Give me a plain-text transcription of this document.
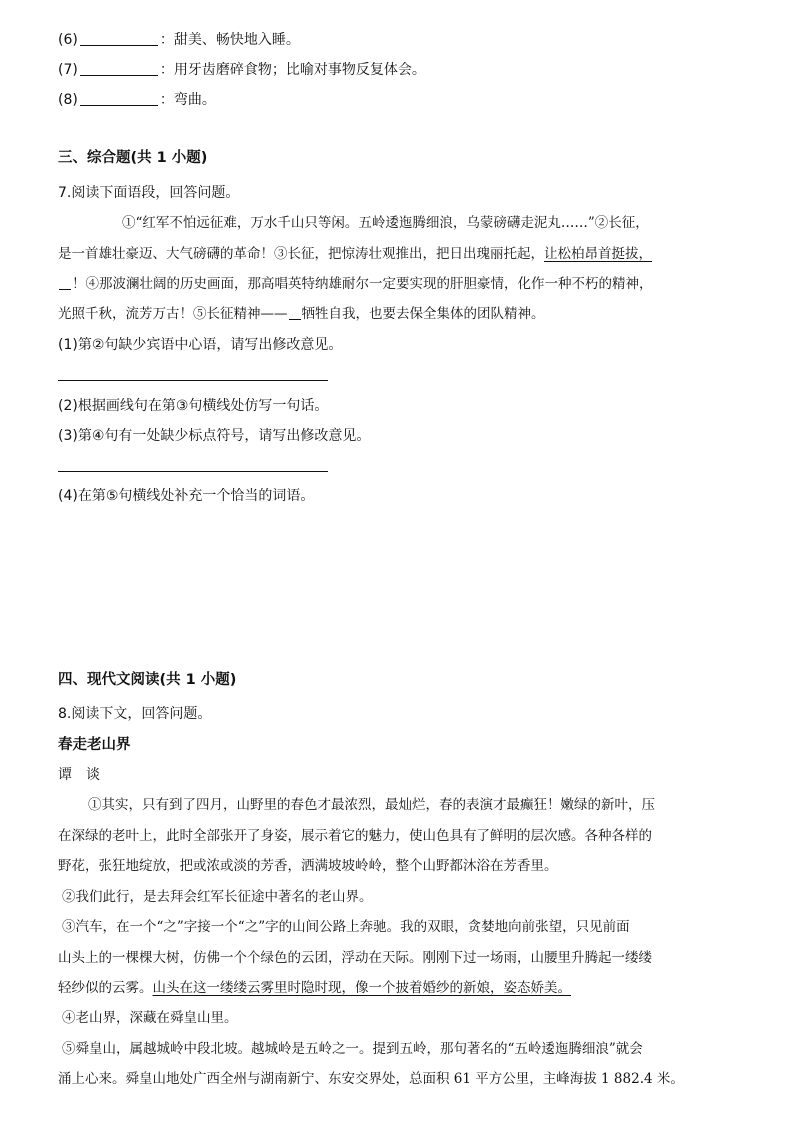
(6)	：甜美、畅快地入睡。
(7)	：用牙齿磨碎食物；比喻对事物反复体会。
(8)	：弯曲。
三、综合题(共 1 小题)
7.阅读下面语段，回答问题。
①“红军不怕远征难，万水千山只等闲。五岭逶迤腾细浪，乌蒙磅礴走泥丸……”②长征，
是一首雄壮豪迈、大气磅礴的革命！③长征，把惊涛壮观推出，把日出瑰丽托起，让松柏昂首挺拔，
！④那波澜壮阔的历史画面，那高唱英特纳雄耐尔一定要实现的肝胆豪情，化作一种不朽的精神，
光照千秋，流芳万古！⑤长征精神—— 牺牲自我，也要去保全集体的团队精神。
(1)第②句缺少宾语中心语，请写出修改意见。
(2)根据画线句在第③句横线处仿写一句话。
(3)第④句有一处缺少标点符号，请写出修改意见。
(4)在第⑤句横线处补充一个恰当的词语。
四、现代文阅读(共 1 小题)
8.阅读下文，回答问题。
春走老山界
谭　谈
①其实，只有到了四月，山野里的春色才最浓烈，最灿烂，春的表演才最癫狂！嫩绿的新叶，压
在深绿的老叶上，此时全部张开了身姿，展示着它的魅力，使山色具有了鲜明的层次感。各种各样的
野花，张狂地绽放，把或浓或淡的芳香，洒满坡坡岭岭，整个山野都沐浴在芳香里。
②我们此行，是去拜会红军长征途中著名的老山界。
③汽车，在一个“之”字接一个“之”字的山间公路上奔驰。我的双眼，贪婪地向前张望，只见前面
山头上的一棵棵大树，仿佛一个个绿色的云团，浮动在天际。刚刚下过一场雨，山腰里升腾起一缕缕
轻纱似的云雾。山头在这一缕缕云雾里时隐时现，像一个披着婚纱的新娘，姿态娇美。
④老山界，深藏在舜皇山里。
⑤舜皇山，属越城岭中段北坡。越城岭是五岭之一。提到五岭，那句著名的“五岭逶迤腾细浪”就会
涌上心来。舜皇山地处广西全州与湖南新宁、东安交界处，总面积 61 平方公里，主峰海拔 1 882.4 米。
